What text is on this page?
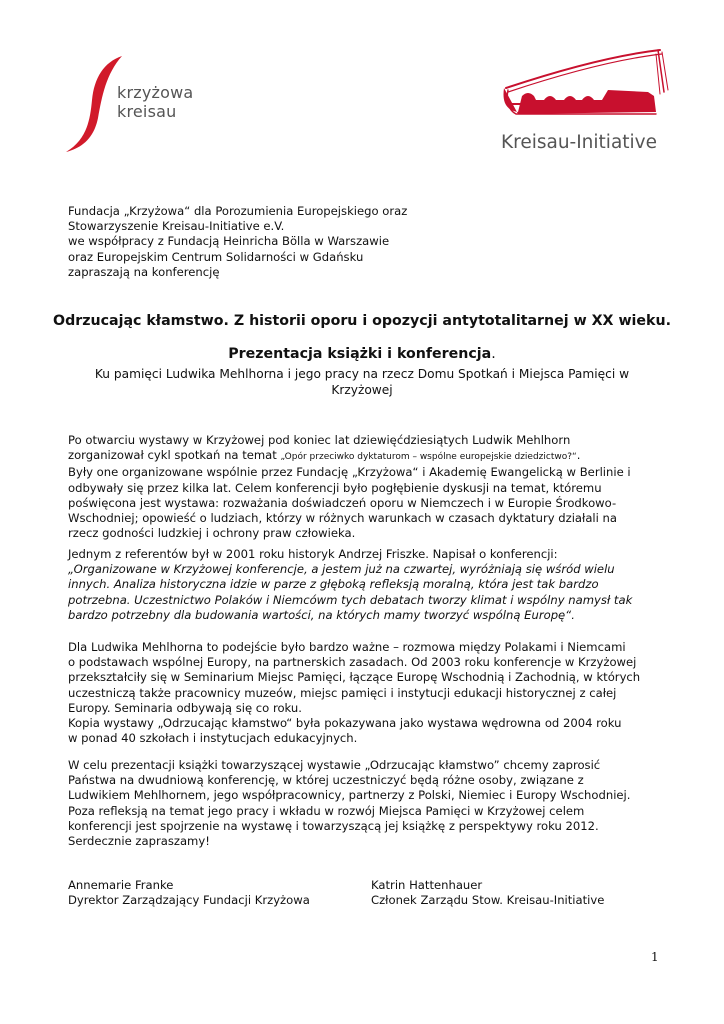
krzyżowa
kreisau
Kreisau-Initiative
Fundacja „Krzyżowa“ dla Porozumienia Europejskiego oraz
Stowarzyszenie Kreisau-Initiative e.V.
we współpracy z Fundacją Heinricha Bölla w Warszawie
oraz Europejskim Centrum Solidarności w Gdańsku
zapraszają na konferencję
Odrzucając kłamstwo. Z historii oporu i opozycji antytotalitarnej w XX wieku.
Prezentacja książki i konferencja.
Ku pamięci Ludwika Mehlhorna i jego pracy na rzecz Domu Spotkań i Miejsca Pamięci w
Krzyżowej
Po otwarciu wystawy w Krzyżowej pod koniec lat dziewięćdziesiątych Ludwik Mehlhorn
zorganizował cykl spotkań na temat „Opór przeciwko dyktaturom – wspólne europejskie dziedzictwo?“.
Były one organizowane wspólnie przez Fundację „Krzyżowa“ i Akademię Ewangelicką w Berlinie i
odbywały się przez kilka lat. Celem konferencji było pogłębienie dyskusji na temat, któremu
poświęcona jest wystawa: rozważania doświadczeń oporu w Niemczech i w Europie Środkowo-
Wschodniej; opowieść o ludziach, którzy w różnych warunkach w czasach dyktatury działali na
rzecz godności ludzkiej i ochrony praw człowieka.
Jednym z referentów był w 2001 roku historyk Andrzej Friszke. Napisał o konferencji:
„Organizowane w Krzyżowej konferencje, a jestem już na czwartej, wyróżniają się wśród wielu
innych. Analiza historyczna idzie w parze z głęboką refleksją moralną, która jest tak bardzo
potrzebna. Uczestnictwo Polaków i Niemcówm tych debatach tworzy klimat i wspólny namysł tak
bardzo potrzebny dla budowania wartości, na których mamy tworzyć wspólną Europę“.
Dla Ludwika Mehlhorna to podejście było bardzo ważne – rozmowa między Polakami i Niemcami
o podstawach wspólnej Europy, na partnerskich zasadach. Od 2003 roku konferencje w Krzyżowej
przekształciły się w Seminarium Miejsc Pamięci, łączące Europę Wschodnią i Zachodnią, w których
uczestniczą także pracownicy muzeów, miejsc pamięci i instytucji edukacji historycznej z całej
Europy. Seminaria odbywają się co roku.
Kopia wystawy „Odrzucając kłamstwo“ była pokazywana jako wystawa wędrowna od 2004 roku
w ponad 40 szkołach i instytucjach edukacyjnych.
W celu prezentacji książki towarzyszącej wystawie „Odrzucając kłamstwo” chcemy zaprosić
Państwa na dwudniową konferencję, w której uczestniczyć będą różne osoby, związane z
Ludwikiem Mehlhornem, jego współpracownicy, partnerzy z Polski, Niemiec i Europy Wschodniej.
Poza refleksją na temat jego pracy i wkładu w rozwój Miejsca Pamięci w Krzyżowej celem
konferencji jest spojrzenie na wystawę i towarzyszącą jej książkę z perspektywy roku 2012.
Serdecznie zapraszamy!
Annemarie Franke
Dyrektor Zarządzający Fundacji Krzyżowa
Katrin Hattenhauer
Członek Zarządu Stow. Kreisau-Initiative
1
